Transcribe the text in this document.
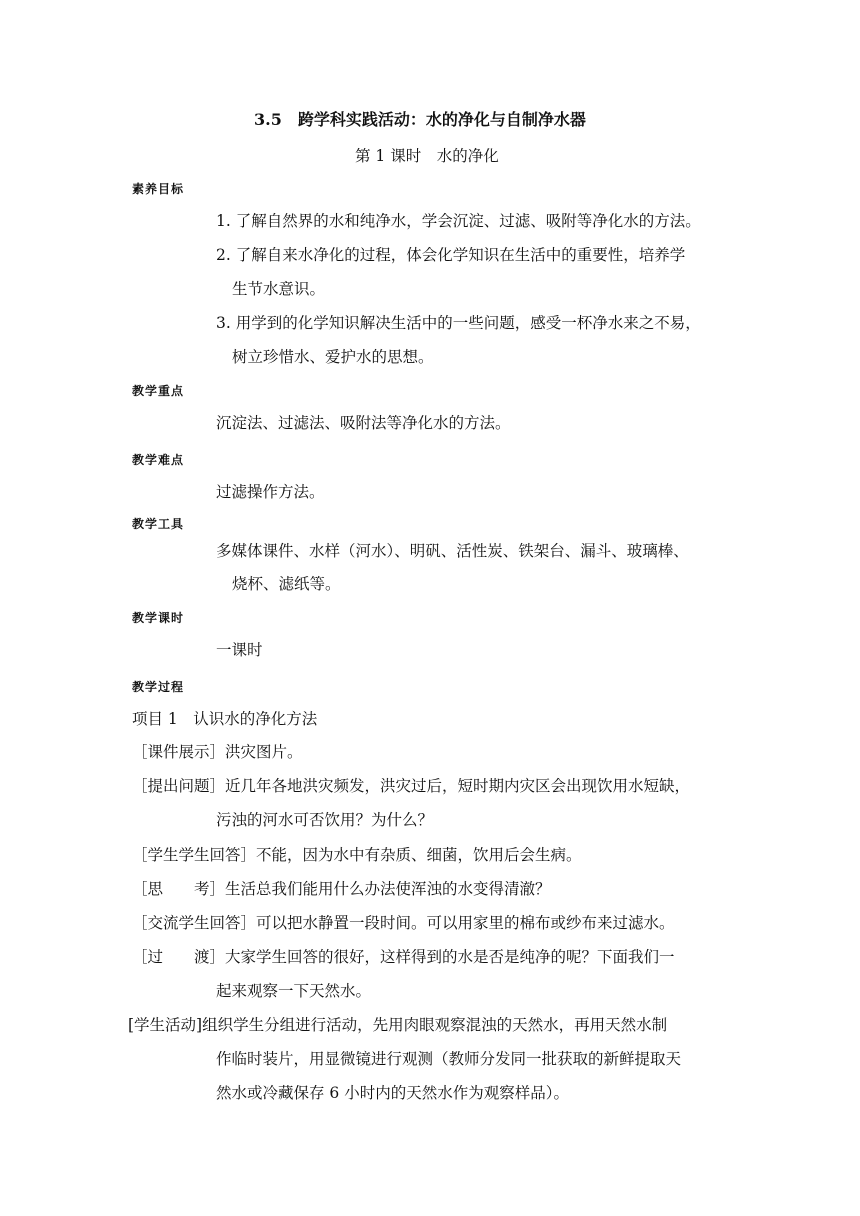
3.5　跨学科实践活动：水的净化与自制净水器
第 1 课时　水的净化
素养目标
1. 了解自然界的水和纯净水，学会沉淀、过滤、吸附等净化水的方法。
2. 了解自来水净化的过程，体会化学知识在生活中的重要性，培养学
生节水意识。
3. 用学到的化学知识解决生活中的一些问题，感受一杯净水来之不易，
树立珍惜水、爱护水的思想。
教学重点
沉淀法、过滤法、吸附法等净化水的方法。
教学难点
过滤操作方法。
教学工具
多媒体课件、水样（河水）、明矾、活性炭、铁架台、漏斗、玻璃棒、
烧杯、滤纸等。
教学课时
一课时
教学过程
项目 1　认识水的净化方法
［课件展示］洪灾图片。
［提出问题］近几年各地洪灾频发，洪灾过后，短时期内灾区会出现饮用水短缺，
污浊的河水可否饮用？为什么？
［学生学生回答］不能，因为水中有杂质、细菌，饮用后会生病。
［思　　考］生活总我们能用什么办法使浑浊的水变得清澈？
［交流学生回答］可以把水静置一段时间。可以用家里的棉布或纱布来过滤水。
［过　　渡］大家学生回答的很好，这样得到的水是否是纯净的呢？下面我们一
起来观察一下天然水。
[学生活动]组织学生分组进行活动，先用肉眼观察混浊的天然水，再用天然水制
作临时装片，用显微镜进行观测（教师分发同一批获取的新鲜提取天
然水或冷藏保存 6 小时内的天然水作为观察样品）。
